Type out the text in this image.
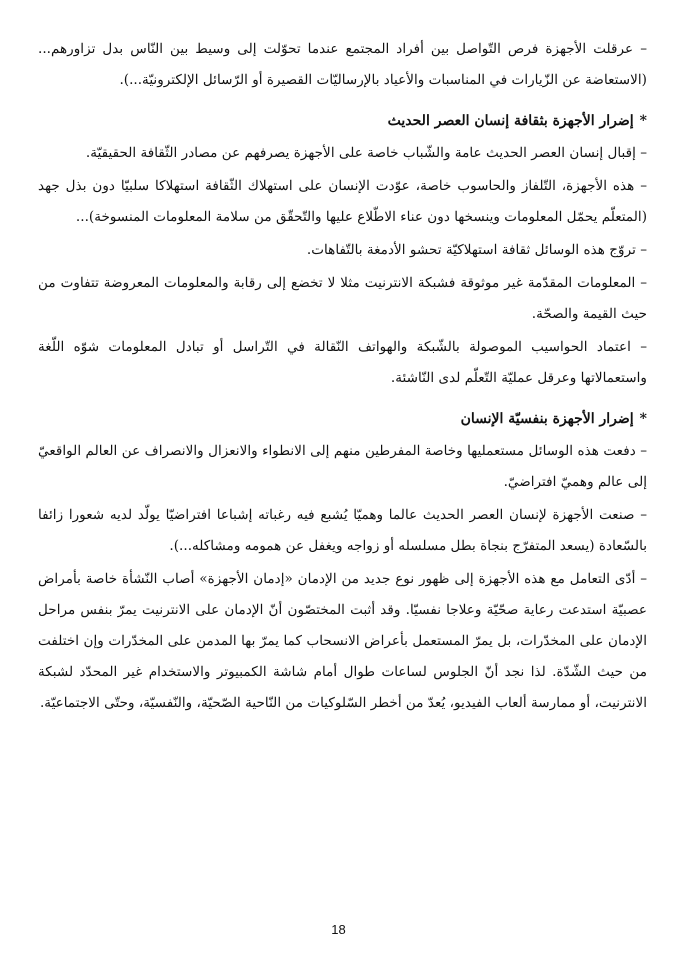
– عرقلت الأجهزة فرص التّواصل بين أفراد المجتمع عندما تحوّلت إلى وسيط بين النّاس بدل تزاورهم...(الاستعاضة عن الزّيارات في المناسبات والأعياد بالإرساليّات القصيرة أو الرّسائل الإلكترونيّة...).

*إضرار الأجهزة بثقافة إنسان العصر الحديث

– إقبال إنسان العصر الحديث عامة والشّباب خاصة على الأجهزة يصرفهم عن مصادر الثّقافة الحقيقيّة.

– هذه الأجهزة، التّلفاز والحاسوب خاصة، عوّدت الإنسان على استهلاك الثّقافة استهلاكا سلبيّا دون بذل جهد (المتعلّم يحمّل المعلومات وينسخها دون عناء الاطّلاع عليها والتّحقّق من سلامة المعلومات المنسوخة)...

– تروّج هذه الوسائل ثقافة استهلاكيّة تحشو الأدمغة بالتّفاهات.

– المعلومات المقدّمة غير موثوقة فشبكة الانترنيت مثلا لا تخضع إلى رقابة والمعلومات المعروضة تتفاوت من حيث القيمة والصحّة.

– اعتماد الحواسيب الموصولة بالشّبكة والهواتف النّقالة في التّراسل أو تبادل المعلومات شوّه اللّغة واستعمالاتها وعرقل عمليّة التّعلّم لدى النّاشئة.

*إضرار الأجهزة بنفسيّة الإنسان

– دفعت هذه الوسائل مستعمليها وخاصة المفرطين منهم إلى الانطواء والانعزال والانصراف عن العالم الواقعيّ إلى عالم وهميّ افتراضيّ.

– صنعت الأجهزة لإنسان العصر الحديث عالما وهميّا يُشبع فيه رغباته إشباعا افتراضيّا يولّد لديه شعورا زائفا بالسّعادة (يسعد المتفرّج بنجاة بطل مسلسله أو زواجه ويغفل عن همومه ومشاكله...).

– أدّى التعامل مع هذه الأجهزة إلى ظهور نوع جديد من الإدمان «إدمان الأجهزة» أصاب النّشأة خاصة بأمراض عصبيّة استدعت رعاية صحّيّة وعلاجا نفسيّا. وقد أثبت المختصّون أنّ الإدمان على الانترنيت يمرّ بنفس مراحل الإدمان على المخدّرات، بل يمرّ المستعمل بأعراض الانسحاب كما يمرّ بها المدمن على المخدّرات وإن اختلفت من حيث الشّدّة. لذا نجد أنّ الجلوس لساعات طوال أمام شاشة الكمبيوتر والاستخدام غير المحدّد لشبكة الانترنيت، أو ممارسة ألعاب الفيديو، يُعدّ من أخطر السّلوكيات من النّاحية الصّحيّة، والنّفسيّة، وحتّى الاجتماعيّة.

18
